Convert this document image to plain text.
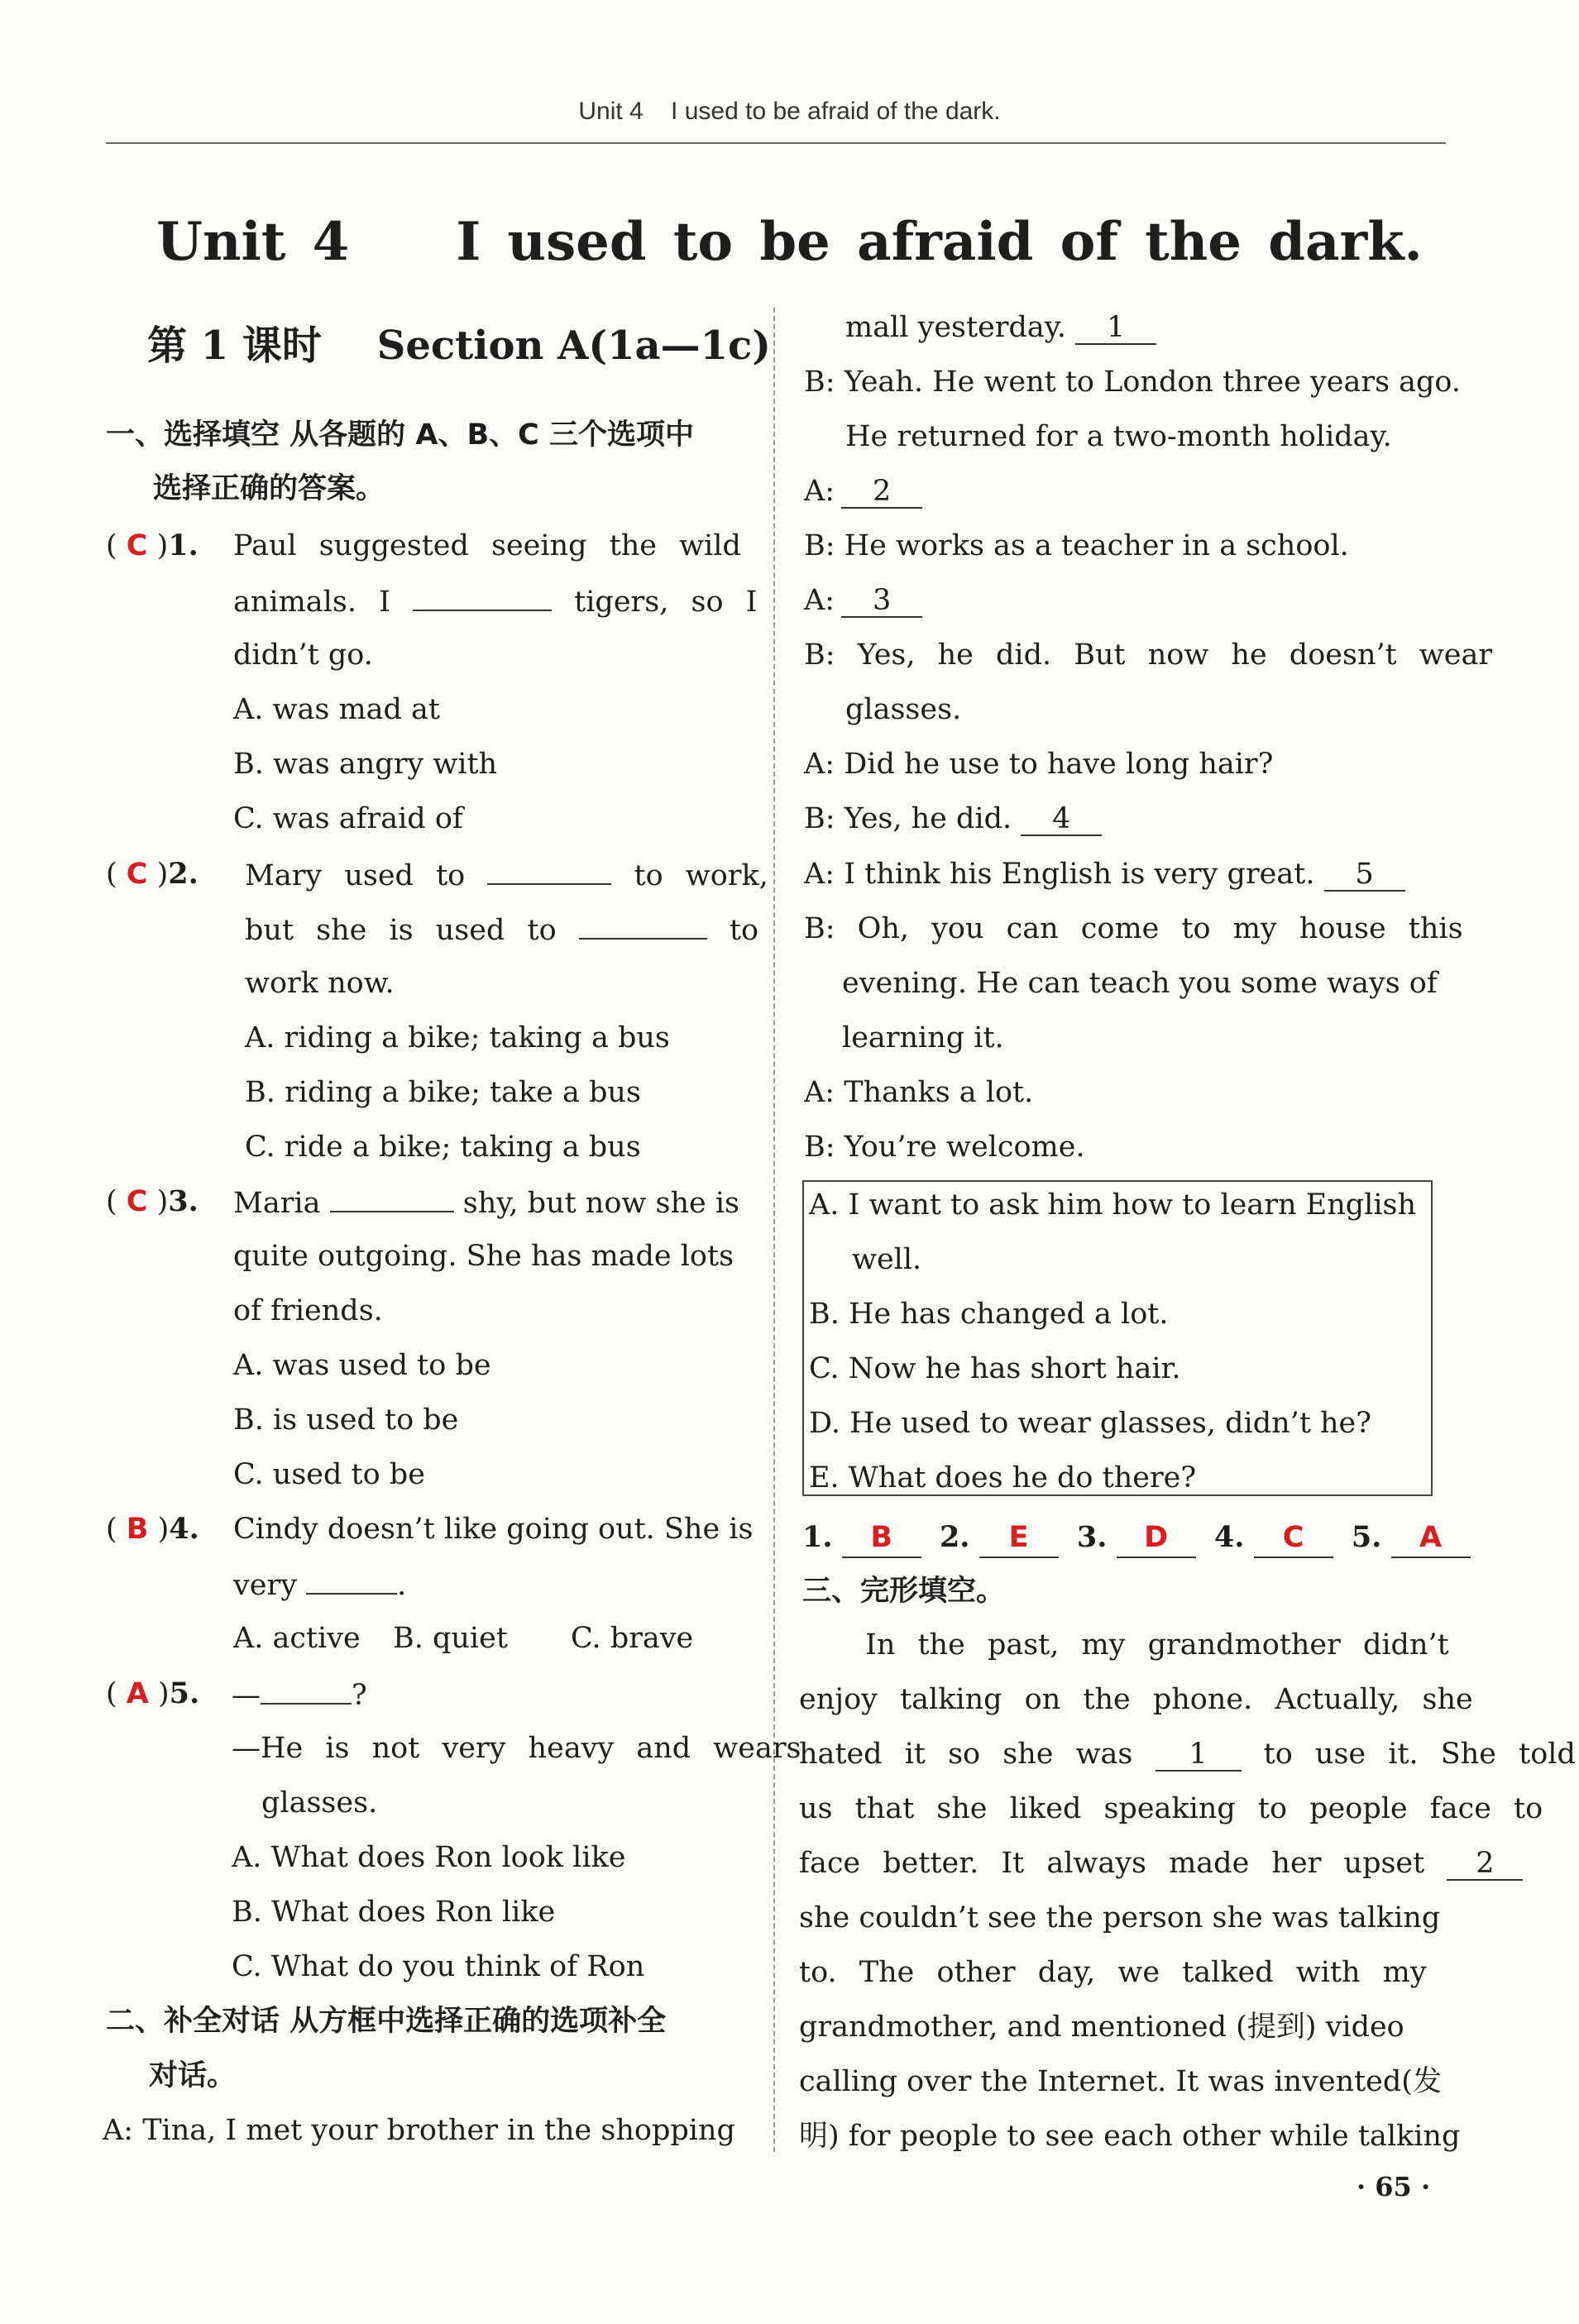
Unit 4    I used to be afraid of the dark.
Unit 4    I used to be afraid of the dark.
第 1 课时    Section A(1a—1c)
一、选择填空 从各题的 A、B、C 三个选项中
选择正确的答案。
( C )1. Paul suggested seeing the wild
animals. I	tigers, so I
didn’t go.
A. was mad at
B. was angry with
C. was afraid of
( C )2. Mary used to	to work,
but she is used to	to
work now.
A. riding a bike; taking a bus
B. riding a bike; take a bus
C. ride a bike; taking a bus
( C )3. Maria	shy, but now she is
quite outgoing. She has made lots
of friends.
A. was used to be
B. is used to be
C. used to be
( B )4. Cindy doesn’t like going out. She is
very	.
A. active B. quiet C. brave
( A )5. —	?
—He is not very heavy and wears
glasses.
A. What does Ron look like
B. What does Ron like
C. What do you think of Ron
二、补全对话 从方框中选择正确的选项补全
对话。
A: Tina, I met your brother in the shopping
mall yesterday. 1
B: Yeah. He went to London three years ago.
He returned for a two-month holiday.
A: 2
B: He works as a teacher in a school.
A: 3
B: Yes, he did. But now he doesn’t wear
glasses.
A: Did he use to have long hair?
B: Yes, he did. 4
A: I think his English is very great. 5
B: Oh, you can come to my house this
evening. He can teach you some ways of
learning it.
A: Thanks a lot.
B: You’re welcome.
A. I want to ask him how to learn English
well.
B. He has changed a lot.
C. Now he has short hair.
D. He used to wear glasses, didn’t he?
E. What does he do there?
1. B 2. E 3. D 4. C 5. A
三、完形填空。
In the past, my grandmother didn’t
enjoy talking on the phone. Actually, she
hated it so she was 1 to use it. She told
us that she liked speaking to people face to
face better. It always made her upset 2
she couldn’t see the person she was talking
to. The other day, we talked with my
grandmother, and mentioned (提到) video
calling over the Internet. It was invented(发
明) for people to see each other while talking
· 65 ·
